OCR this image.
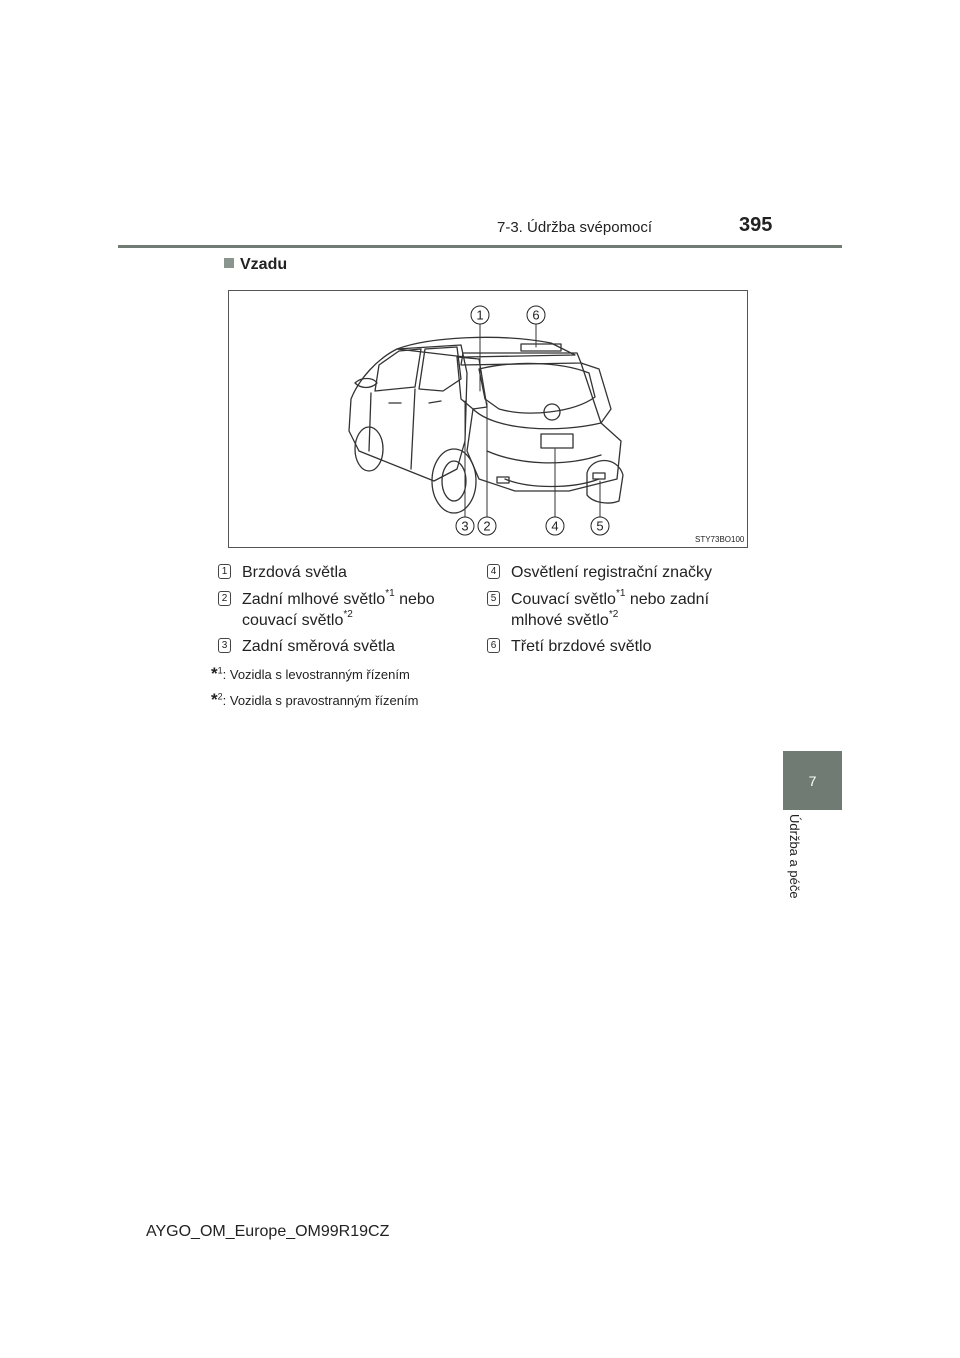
7-3. Údržba svépomocí	395
Vzadu
1	6
3 2	4	5
STY73BO100
1 Brzdová světla
2 Zadní mlhové světlo$^{*1}$ nebo
couvací světlo$^{*2}$
3 Zadní směrová světla
4 Osvětlení registrační značky
5 Couvací světlo$^{*1}$ nebo zadní
mlhové světlo$^{*2}$
6 Třetí brzdové světlo
*$^1$: Vozidla s levostranným řízením
*$^2$: Vozidla s pravostranným řízením
7
Údržba a péče
AYGO_OM_Europe_OM99R19CZ
